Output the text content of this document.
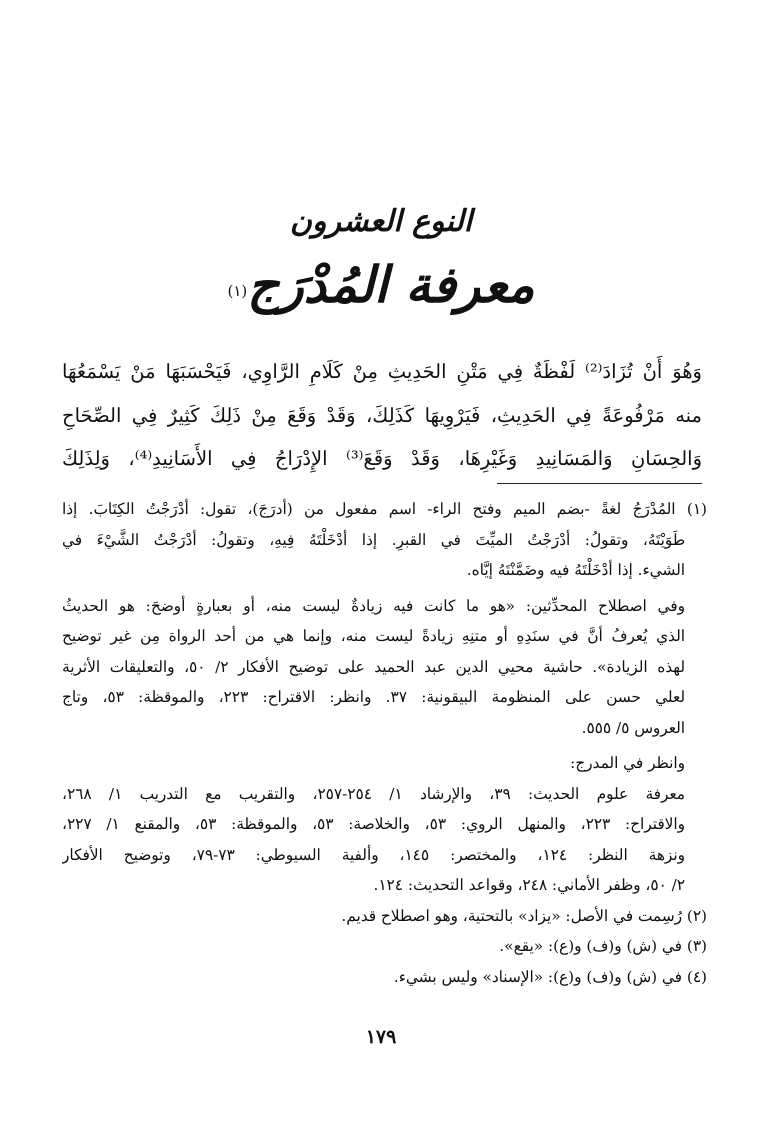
النوع العشرون
معرفة المُدْرَج$^{(١)}$
وَهُوَ أَنْ تُزَادَ⁽²⁾ لَفْظَةٌ فِي مَتْنِ الحَدِيثِ مِنْ كَلَامِ الرَّاوِي، فَيَحْسَبَهَا مَنْ يَسْمَعُهَا
منه مَرْفُوعَةً فِي الحَدِيثِ، فَيَرْوِيهَا كَذَلِكَ، وَقَدْ وَقَعَ مِنْ ذَلِكَ كَثِيرٌ فِي الصِّحَاحِ
وَالحِسَانِ وَالمَسَانِيدِ وَغَيْرِهَا، وَقَدْ وَقَعَ⁽³⁾ الإِدْرَاجُ فِي الأَسَانِيدِ⁽⁴⁾، وَلِذَلِكَ
(١) المُدْرَجُ لغةً -بضم الميم وفتح الراء- اسم مفعول من (أدرَجَ)، تقول: أدْرَجْتُ الكِتَابَ. إذا
طَوَيْتَهُ، وتقولُ: أدْرَجْتُ الميِّتَ في القبرِ. إذا أدْخَلْتَهُ فِيهِ، وتقولُ: أدْرَجْتُ الشَّيْءَ في
الشيء. إذا أدْخَلْتَهُ فيه وضَمَّنْتَهُ إيَّاه.
وفي اصطلاح المحدِّثين: «هو ما كانت فيه زيادةٌ ليست منه، أو بعبارةٍ أوضحَ: هو الحديثُ
الذي يُعرفُ أنَّ في سنَدِهِ أو متنِهِ زيادةً ليست منه، وإنما هي من أحد الرواة مِن غير توضيح
لهذه الزيادة». حاشية محيي الدين عبد الحميد على توضيح الأفكار ٢/ ٥٠، والتعليقات الأثرية
لعلي حسن على المنظومة البيقونية: ٣٧. وانظر: الاقتراح: ٢٢٣، والموقظة: ٥٣، وتاج
العروس ٥/ ٥٥٥.
وانظر في المدرج:
معرفة علوم الحديث: ٣٩، والإرشاد ١/ ٢٥٤-٢٥٧، والتقريب مع التدريب ١/ ٢٦٨،
والاقتراح: ٢٢٣، والمنهل الروي: ٥٣، والخلاصة: ٥٣، والموقظة: ٥٣، والمقنع ١/ ٢٢٧،
ونزهة النظر: ١٢٤، والمختصر: ١٤٥، وألفية السيوطي: ٧٣-٧٩، وتوضيح الأفكار
٢/ ٥٠، وظفر الأماني: ٢٤٨، وقواعد التحديث: ١٢٤.
(٢) رُسِمت في الأصل: «يزاد» بالتحتية، وهو اصطلاح قديم.
(٣) في (ش) و(ف) و(ع): «يقع».
(٤) في (ش) و(ف) و(ع): «الإسناد» وليس بشيء.
١٧٩
